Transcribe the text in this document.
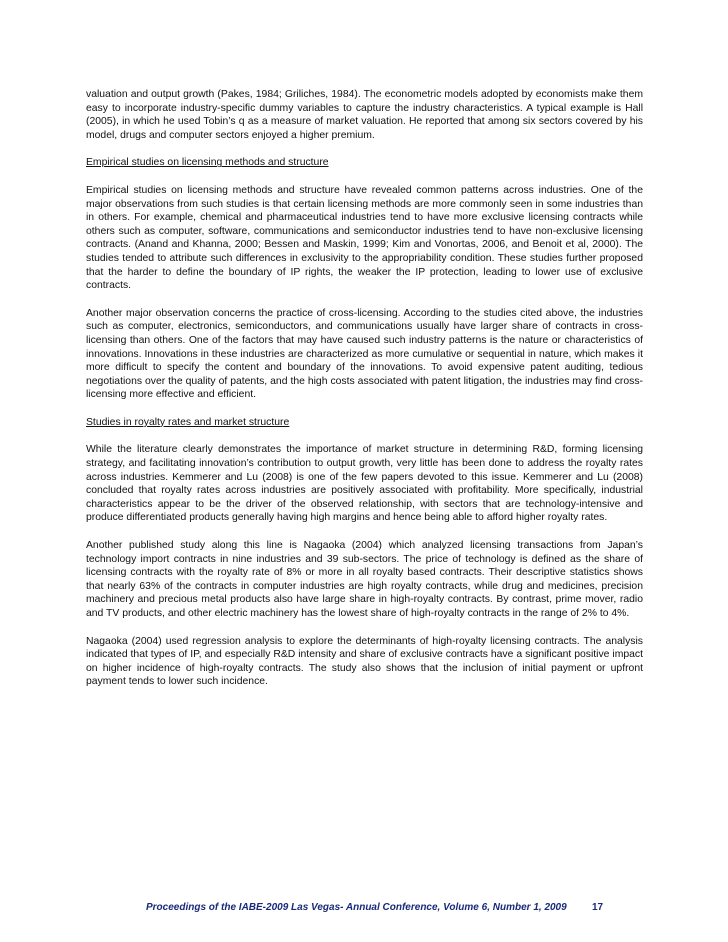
valuation and output growth (Pakes, 1984; Griliches, 1984). The econometric models adopted by economists make them easy to incorporate industry-specific dummy variables to capture the industry characteristics. A typical example is Hall (2005), in which he used Tobin’s q as a measure of market valuation. He reported that among six sectors covered by his model, drugs and computer sectors enjoyed a higher premium.

Empirical studies on licensing methods and structure

Empirical studies on licensing methods and structure have revealed common patterns across industries. One of the major observations from such studies is that certain licensing methods are more commonly seen in some industries than in others. For example, chemical and pharmaceutical industries tend to have more exclusive licensing contracts while others such as computer, software, communications and semiconductor industries tend to have non-exclusive licensing contracts. (Anand and Khanna, 2000; Bessen and Maskin, 1999; Kim and Vonortas, 2006, and Benoit et al, 2000). The studies tended to attribute such differences in exclusivity to the appropriability condition. These studies further proposed that the harder to define the boundary of IP rights, the weaker the IP protection, leading to lower use of exclusive contracts.

Another major observation concerns the practice of cross-licensing. According to the studies cited above, the industries such as computer, electronics, semiconductors, and communications usually have larger share of contracts in cross-licensing than others. One of the factors that may have caused such industry patterns is the nature or characteristics of innovations. Innovations in these industries are characterized as more cumulative or sequential in nature, which makes it more difficult to specify the content and boundary of the innovations. To avoid expensive patent auditing, tedious negotiations over the quality of patents, and the high costs associated with patent litigation, the industries may find cross-licensing more effective and efficient.

Studies in royalty rates and market structure

While the literature clearly demonstrates the importance of market structure in determining R&D, forming licensing strategy, and facilitating innovation’s contribution to output growth, very little has been done to address the royalty rates across industries. Kemmerer and Lu (2008) is one of the few papers devoted to this issue. Kemmerer and Lu (2008) concluded that royalty rates across industries are positively associated with profitability. More specifically, industrial characteristics appear to be the driver of the observed relationship, with sectors that are technology-intensive and produce differentiated products generally having high margins and hence being able to afford higher royalty rates.

Another published study along this line is Nagaoka (2004) which analyzed licensing transactions from Japan’s technology import contracts in nine industries and 39 sub-sectors. The price of technology is defined as the share of licensing contracts with the royalty rate of 8% or more in all royalty based contracts. Their descriptive statistics shows that nearly 63% of the contracts in computer industries are high royalty contracts, while drug and medicines, precision machinery and precious metal products also have large share in high-royalty contracts. By contrast, prime mover, radio and TV products, and other electric machinery has the lowest share of high-royalty contracts in the range of 2% to 4%.

Nagaoka (2004) used regression analysis to explore the determinants of high-royalty licensing contracts. The analysis indicated that types of IP, and especially R&D intensity and share of exclusive contracts have a significant positive impact on higher incidence of high-royalty contracts. The study also shows that the inclusion of initial payment or upfront payment tends to lower such incidence.

Proceedings of the IABE-2009 Las Vegas- Annual Conference, Volume 6, Number 1, 2009	17
